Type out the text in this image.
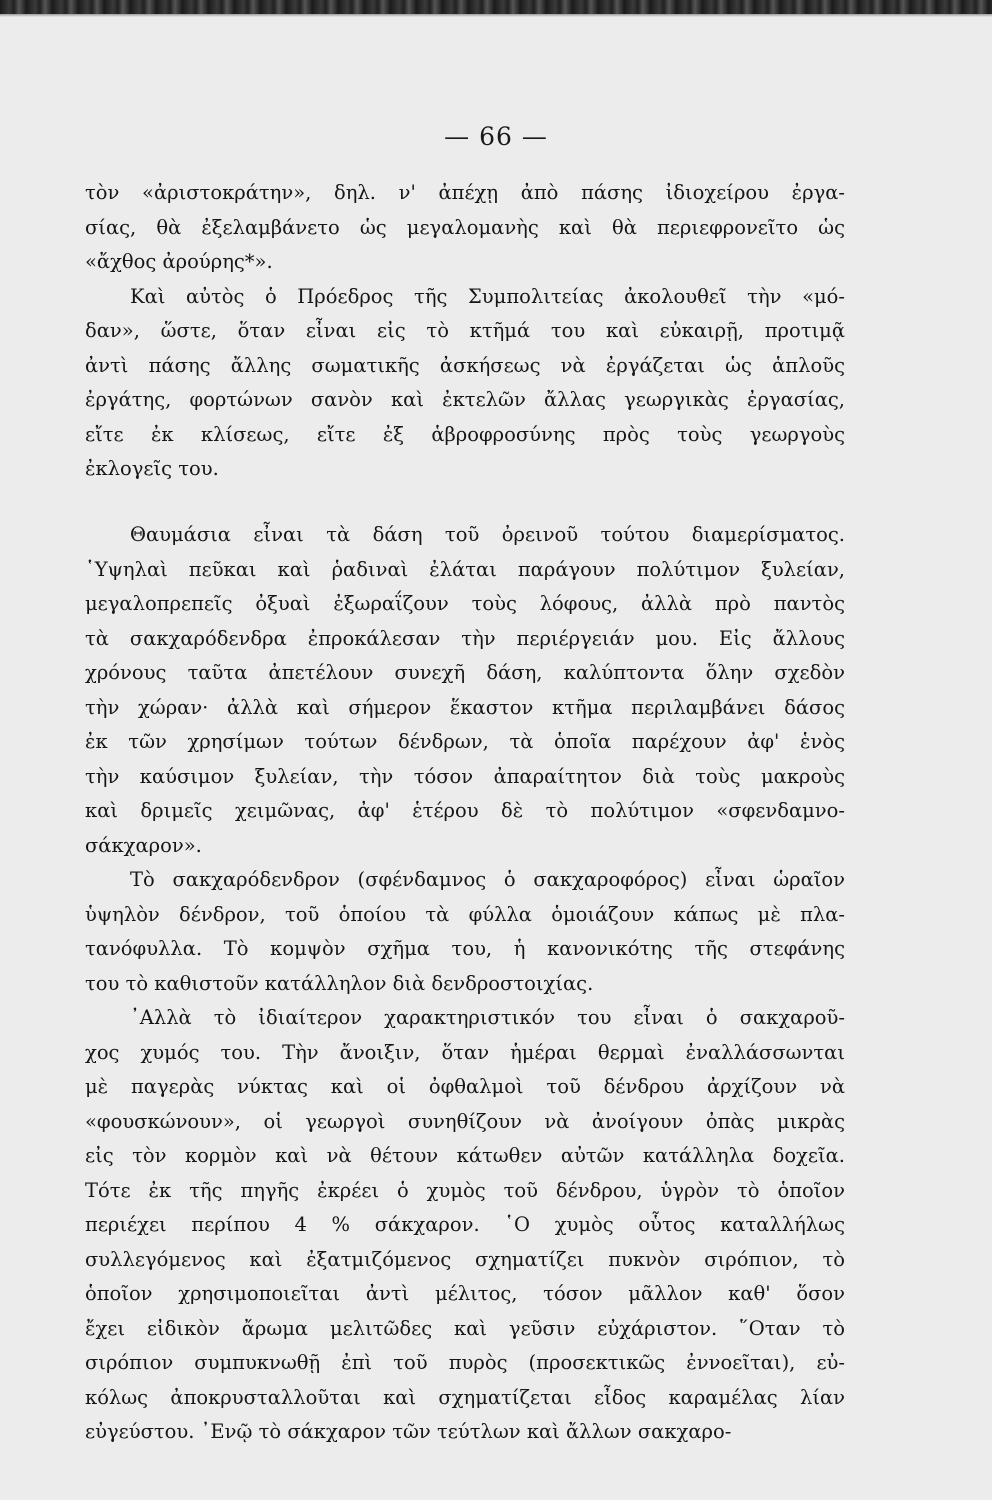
— 66 —
τὸν «ἀριστοκράτην», δηλ. ν' ἀπέχῃ ἀπὸ πάσης ἰδιοχείρου ἐργα-
σίας, θὰ ἐξελαμβάνετο ὡς μεγαλομανὴς καὶ θὰ περιεφρονεῖτο ὡς
«ἄχθος ἀρούρης*».
Καὶ αὐτὸς ὁ Πρόεδρος τῆς Συμπολιτείας ἀκολουθεῖ τὴν «μό-
δαν», ὥστε, ὅταν εἶναι εἰς τὸ κτῆμά του καὶ εὐκαιρῇ, προτιμᾷ
ἀντὶ πάσης ἄλλης σωματικῆς ἀσκήσεως νὰ ἐργάζεται ὡς ἁπλοῦς
ἐργάτης, φορτώνων σανὸν καὶ ἐκτελῶν ἄλλας γεωργικὰς ἐργασίας,
εἴτε ἐκ κλίσεως, εἴτε ἐξ ἁβροφροσύνης πρὸς τοὺς γεωργοὺς
ἐκλογεῖς του.
Θαυμάσια εἶναι τὰ δάση τοῦ ὀρεινοῦ τούτου διαμερίσματος.
῾Υψηλαὶ πεῦκαι καὶ ῥαδιναὶ ἐλάται παράγουν πολύτιμον ξυλείαν,
μεγαλοπρεπεῖς ὀξυαὶ ἐξωραΐζουν τοὺς λόφους, ἀλλὰ πρὸ παντὸς
τὰ σακχαρόδενδρα ἐπροκάλεσαν τὴν περιέργειάν μου. Εἰς ἄλλους
χρόνους ταῦτα ἀπετέλουν συνεχῆ δάση, καλύπτοντα ὅλην σχεδὸν
τὴν χώραν· ἀλλὰ καὶ σήμερον ἕκαστον κτῆμα περιλαμβάνει δάσος
ἐκ τῶν χρησίμων τούτων δένδρων, τὰ ὁποῖα παρέχουν ἀφ' ἑνὸς
τὴν καύσιμον ξυλείαν, τὴν τόσον ἀπαραίτητον διὰ τοὺς μακροὺς
καὶ δριμεῖς χειμῶνας, ἀφ' ἑτέρου δὲ τὸ πολύτιμον «σφενδαμνο-
σάκχαρον».
Τὸ σακχαρόδενδρον (σφένδαμνος ὁ σακχαροφόρος) εἶναι ὡραῖον
ὑψηλὸν δένδρον, τοῦ ὁποίου τὰ φύλλα ὁμοιάζουν κάπως μὲ πλα-
τανόφυλλα. Τὸ κομψὸν σχῆμα του, ἡ κανονικότης τῆς στεφάνης
του τὸ καθιστοῦν κατάλληλον διὰ δενδροστοιχίας.
᾿Αλλὰ τὸ ἰδιαίτερον χαρακτηριστικόν του εἶναι ὁ σακχαροῦ-
χος χυμός του. Τὴν ἄνοιξιν, ὅταν ἡμέραι θερμαὶ ἐναλλάσσωνται
μὲ παγερὰς νύκτας καὶ οἱ ὀφθαλμοὶ τοῦ δένδρου ἀρχίζουν νὰ
«φουσκώνουν», οἱ γεωργοὶ συνηθίζουν νὰ ἀνοίγουν ὀπὰς μικρὰς
εἰς τὸν κορμὸν καὶ νὰ θέτουν κάτωθεν αὐτῶν κατάλληλα δοχεῖα.
Τότε ἐκ τῆς πηγῆς ἐκρέει ὁ χυμὸς τοῦ δένδρου, ὑγρὸν τὸ ὁποῖον
περιέχει περίπου 4 % σάκχαρον. ῾Ο χυμὸς οὗτος καταλλήλως
συλλεγόμενος καὶ ἐξατμιζόμενος σχηματίζει πυκνὸν σιρόπιον, τὸ
ὁποῖον χρησιμοποιεῖται ἀντὶ μέλιτος, τόσον μᾶλλον καθ' ὅσον
ἔχει εἰδικὸν ἄρωμα μελιτῶδες καὶ γεῦσιν εὐχάριστον. ῞Οταν τὸ
σιρόπιον συμπυκνωθῇ ἐπὶ τοῦ πυρὸς (προσεκτικῶς ἐννοεῖται), εὐ-
κόλως ἀποκρυσταλλοῦται καὶ σχηματίζεται εἶδος καραμέλας λίαν
εὐγεύστου. ᾿Ενῷ τὸ σάκχαρον τῶν τεύτλων καὶ ἄλλων σακχαρο-
